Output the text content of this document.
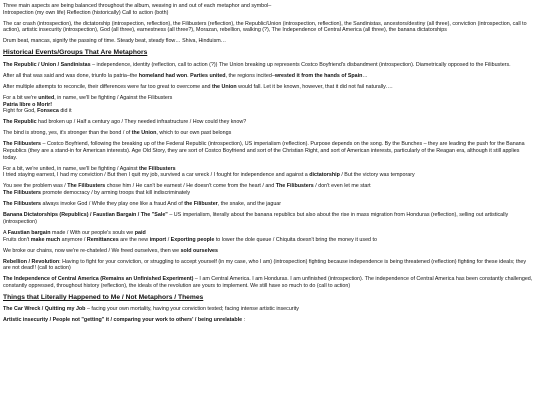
Three main aspects are being balanced throughout the album, weaving in and out of each metaphor and symbol–
Introspection (my own life) Reflection (historically) Call to action (both)

The car crash (introspection), the dictatorship (introspection, reflection), the Filibusters (reflection), the Republic/Union (introspection, reflection), the Sandinistas, ancestors/destiny (all three), conviction (introspection, call to action), artistic insecurity (introspection), God (all three), earnestness (all three?), Morazan, rebellion, walking (?), The Independence of Central America (all three), the banana dictatorships

Drum beat, mancas, signify the passing of time. Steady beat, steady flow… Shiva, Hinduism…

Historical Events/Groups That Are Metaphors

The Republic / Union / Sandinistas – independence, identity (reflection, call to action (?)) The Union breaking up represents Costco Boyfriend's disbandment (introspection). Diametrically opposed to the Filibusters.

After all that was said and was done, triunfo la patria–the homeland had won. Parties united, the regions incited–wrested it from the hands of Spain…

After multiple attempts to reconcile, their differences were far too great to overcome and the Union would fall. Let it be known, however, that it did not fail naturally….

For a bit we're united, in name, we'll be fighting / Against the Filibusters
Patria libre o Morir!
Fight for God, Fonseca did it

The Republic had broken up / Half a century ago / They needed infrastructure / How could they know?

The bind is strong, yes, it's stronger than the bond / of the Union, which to our own past belongs

The Filibusters – Costco Boyfriend, following the breaking up of the Federal Republic (introspection), US imperialism (reflection). Purpose depends on the song. By the Bunches – they are leading the push for the Banana Republics (they are a stand-in for American interests). Age Old Story, they are sort of Costco Boyfriend and sort of the Christian Right, and sort of American interests, particularly of the Reagan era, although it still applies today.

For a bit, we're united, in name, we'll be fighting / Against the Filibusters
I tried staying earnest, I had my conviction / But then I quit my job, survived a car wreck / I fought for independence and against a dictatorship / But the victory was temporary

You see the problem was / The Filibusters chose him / He can't be earnest / He doesn't come from the heart / and The Filibusters / don't even let me start
The Filibusters promote democracy / by arming troops that kill indiscriminately

The Filibusters always invoke God / While they play one like a fraud And of the Filibuster, the snake, and the jaguar

Banana Dictatorships (Republics) / Faustian Bargain / The "Sale" – US imperialism, literally about the banana republics but also about the rise in mass migration from Honduras (reflection), selling out artistically (introspection)

A Faustian bargain made / With our people's souls we paid
Fruits don't make much anymore / Remittances are the new import / Exporting people to lower the dole queue / Chiquita doesn't bring the money it used to

We broke our chains, now we're re-chateled / We freed ourselves, then we sold ourselves

Rebellion / Revolution: Having to fight for your conviction, or struggling to accept yourself (in my case, who I am) (introspection) fighting because independence is being threatened (reflection) fighting for these ideals; they are not dead!! (call to action)

The Independence of Central America (Remains an Unfinished Experiment) – I am Central America. I am Honduras. I am unfinished (introspection). The independence of Central America has been constantly challenged, constantly oppressed, throughout history (reflection), the ideals of the revolution are yours to implement. We still have so much to do (call to action)

Things that Literally Happened to Me / Not Metaphors / Themes

The Car Wreck / Quitting my Job – facing your own mortality, having your conviction tested; facing intense artistic insecurity

Artistic insecurity / People not "getting" it / comparing your work to others' / being unrelatable :
